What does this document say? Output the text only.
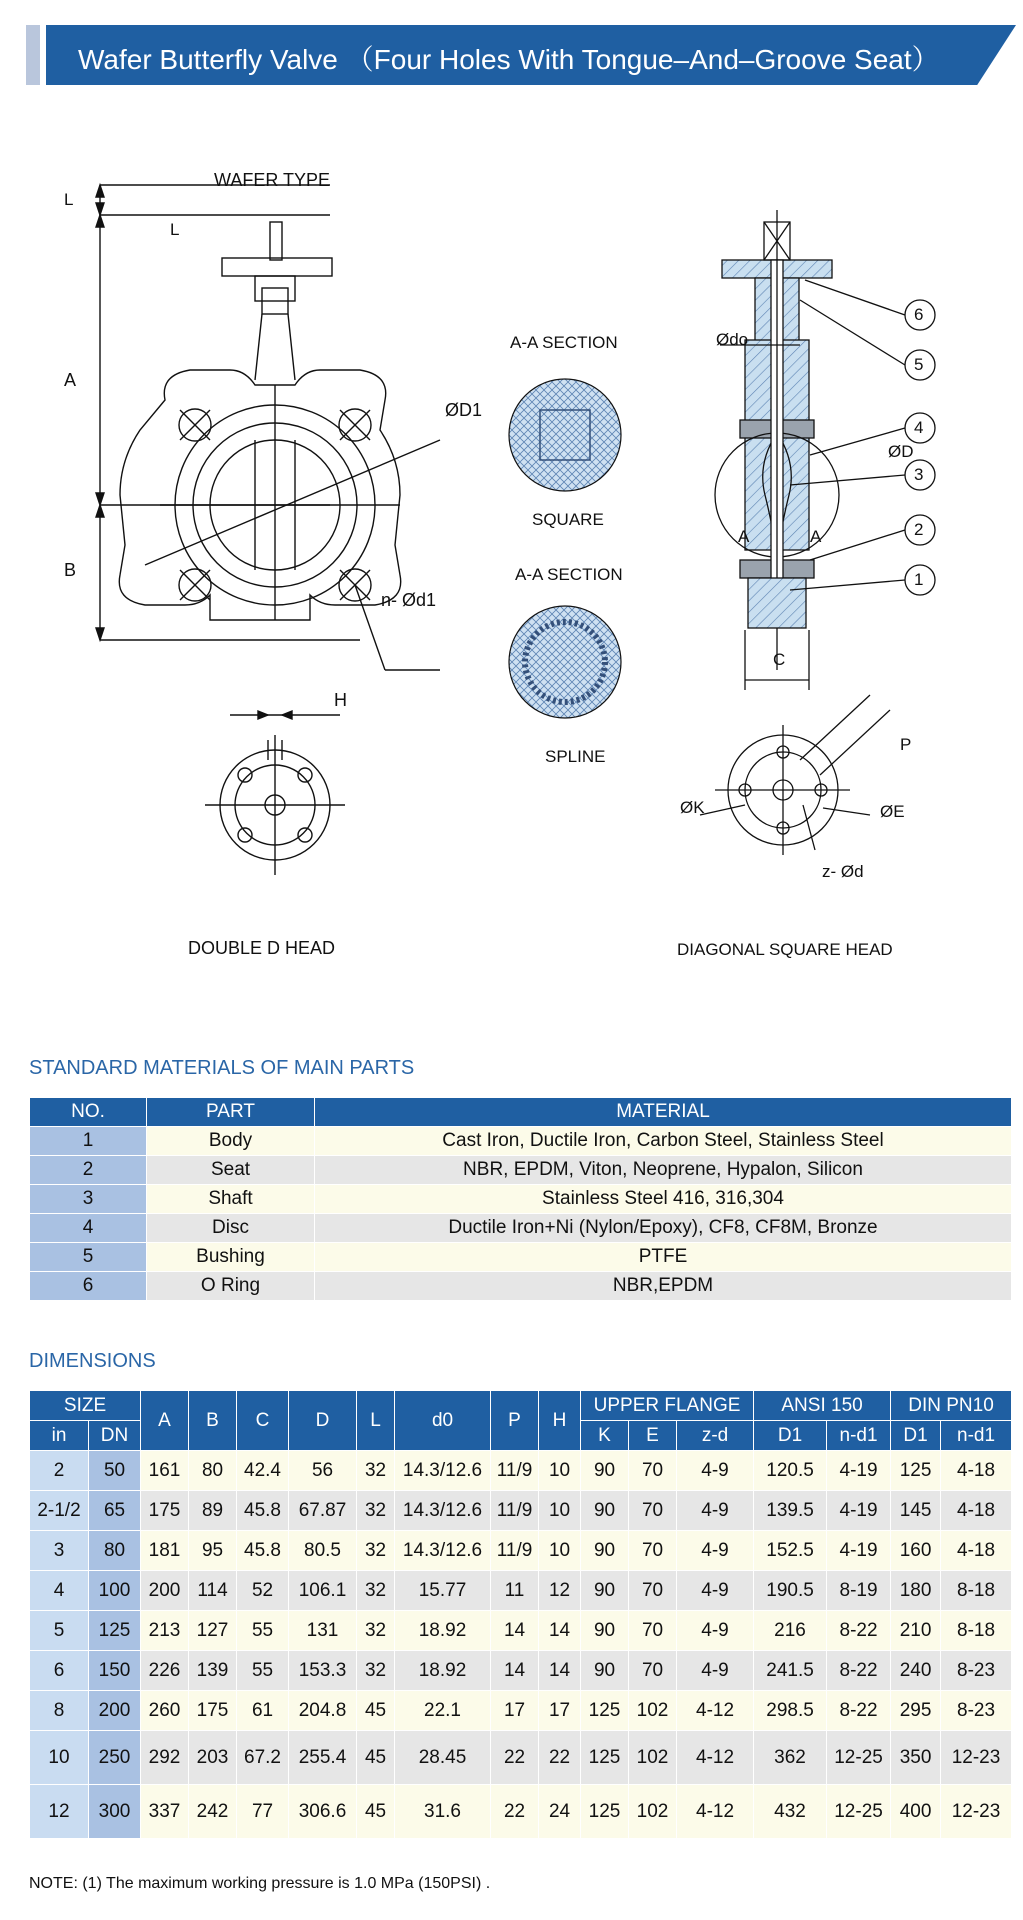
Wafer Butterfly Valve （Four Holes With Tongue–And–Groove Seat）
WAFER TYPE
L
L
A
B
ØD1
n- Ød1
H
A-A SECTION
SQUARE
A-A SECTION
SPLINE
Ødo
ØD
A	A
C
6
5
4
3
2
1
P
ØK	ØE
z- Ød
DOUBLE D HEAD	DIAGONAL SQUARE HEAD
STANDARD MATERIALS OF MAIN PARTS
NO.	PART	MATERIAL
1	Body	Cast Iron, Ductile Iron, Carbon Steel, Stainless Steel
2	Seat	NBR, EPDM, Viton, Neoprene, Hypalon, Silicon
3	Shaft	Stainless Steel 416, 316,304
4	Disc	Ductile Iron+Ni (Nylon/Epoxy), CF8, CF8M, Bronze
5	Bushing	PTFE
6	O Ring	NBR,EPDM
DIMENSIONS
SIZE		A	B	C	D	L	d0	P	H	UPPER FLANGE			ANSI 150		DIN PN10	
in	DN									K	E	z-d	D1	n-d1	D1	n-d1
2	50	161	80	42.4	56	32	14.3/12.6	11/9	10	90	70	4-9	120.5	4-19	125	4-18
2-1/2	65	175	89	45.8	67.87	32	14.3/12.6	11/9	10	90	70	4-9	139.5	4-19	145	4-18
3	80	181	95	45.8	80.5	32	14.3/12.6	11/9	10	90	70	4-9	152.5	4-19	160	4-18
4	100	200	114	52	106.1	32	15.77	11	12	90	70	4-9	190.5	8-19	180	8-18
5	125	213	127	55	131	32	18.92	14	14	90	70	4-9	216	8-22	210	8-18
6	150	226	139	55	153.3	32	18.92	14	14	90	70	4-9	241.5	8-22	240	8-23
8	200	260	175	61	204.8	45	22.1	17	17	125	102	4-12	298.5	8-22	295	8-23
10	250	292	203	67.2	255.4	45	28.45	22	22	125	102	4-12	362	12-25	350	12-23
12	300	337	242	77	306.6	45	31.6	22	24	125	102	4-12	432	12-25	400	12-23
NOTE: (1) The maximum working pressure is 1.0 MPa (150PSI) .
